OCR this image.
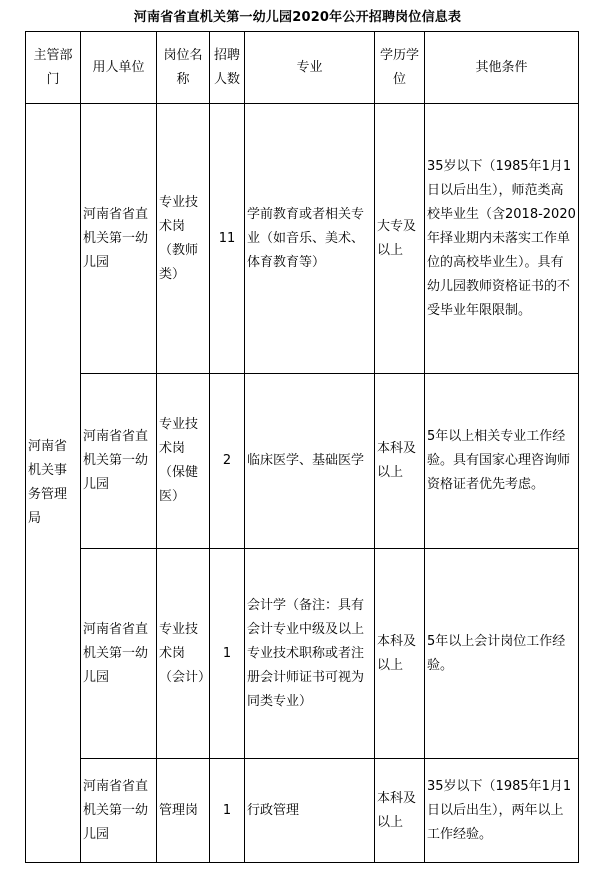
河南省省直机关第一幼儿园2020年公开招聘岗位信息表
主管部门	用人单位	岗位名称	招聘人数	专业	学历学位	其他条件
河南省机关事务管理局	河南省省直机关第一幼儿园	专业技术岗（教师类）	11	学前教育或者相关专业（如音乐、美术、体育教育等）	大专及以上	35岁以下（1985年1月1日以后出生），师范类高校毕业生（含2018-2020年择业期内未落实工作单位的高校毕业生）。具有幼儿园教师资格证书的不受毕业年限限制。
	河南省省直机关第一幼儿园	专业技术岗（保健医）	2	临床医学、基础医学	本科及以上	5年以上相关专业工作经验。具有国家心理咨询师资格证者优先考虑。
	河南省省直机关第一幼儿园	专业技术岗（会计）	1	会计学（备注：具有会计专业中级及以上专业技术职称或者注册会计师证书可视为同类专业）	本科及以上	5年以上会计岗位工作经验。
	河南省省直机关第一幼儿园	管理岗	1	行政管理	本科及以上	35岁以下（1985年1月1日以后出生），两年以上工作经验。
